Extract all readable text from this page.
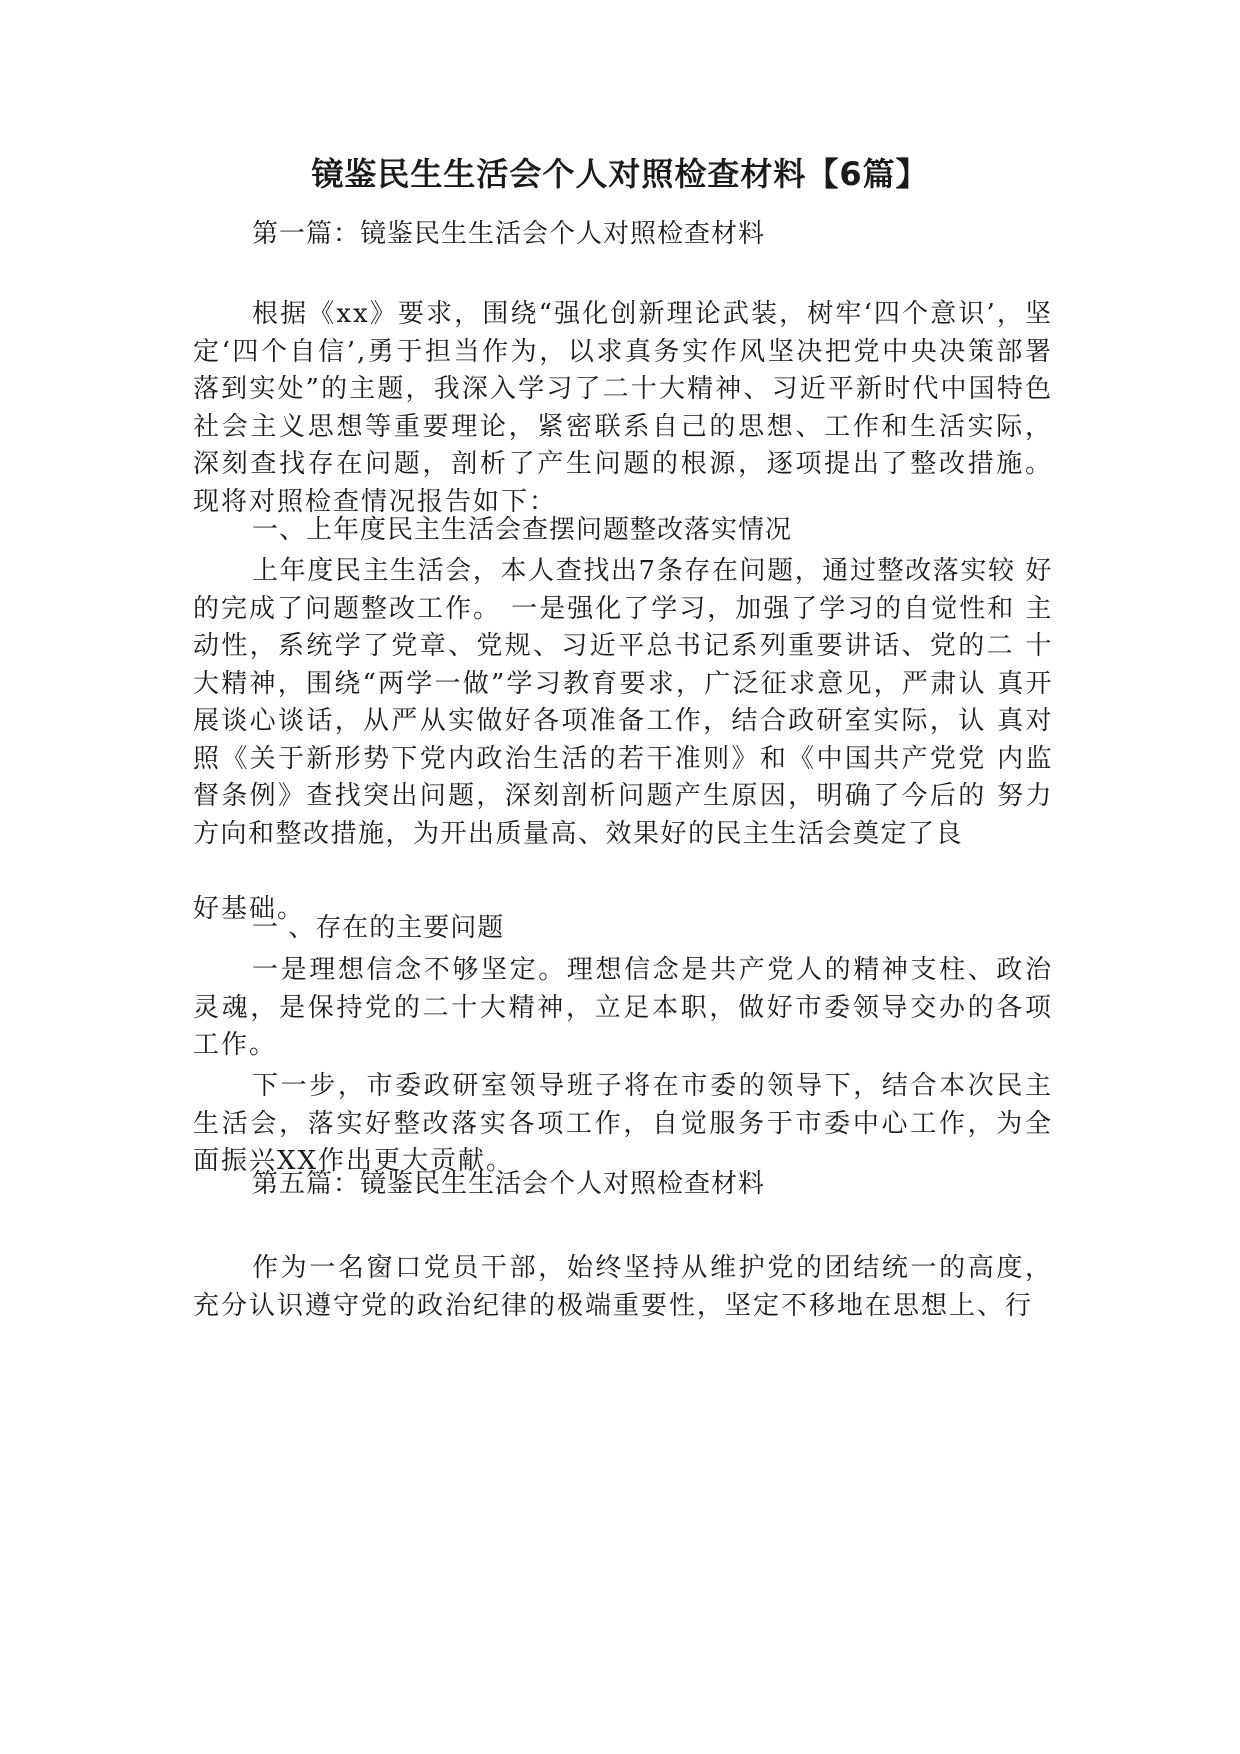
镜鉴民生生活会个人对照检查材料【6篇】

第一篇：镜鉴民生生活会个人对照检查材料

根据《xx》要求，围绕“强化创新理论武装，树牢‘四个意识’，坚定‘四个自信’,勇于担当作为，以求真务实作风坚决把党中央决策部署落到实处”的主题，我深入学习了二十大精神、习近平新时代中国特色社会主义思想等重要理论，紧密联系自己的思想、工作和生活实际，深刻查找存在问题，剖析了产生问题的根源，逐项提出了整改措施。现将对照检查情况报告如下：

一、上年度民主生活会查摆问题整改落实情况

上年度民主生活会，本人查找出7条存在问题，通过整改落实较 好的完成了问题整改工作。 一是强化了学习，加强了学习的自觉性和 主动性，系统学了党章、党规、习近平总书记系列重要讲话、党的二 十大精神，围绕“两学一做”学习教育要求，广泛征求意见，严肃认 真开展谈心谈话，从严从实做好各项准备工作，结合政研室实际，认 真对照《关于新形势下党内政治生活的若干准则》和《中国共产党党 内监督条例》查找突出问题，深刻剖析问题产生原因，明确了今后的 努力方向和整改措施，为开出质量高、效果好的民主生活会奠定了良

好基础。

一 、存在的主要问题

一是理想信念不够坚定。理想信念是共产党人的精神支柱、政治灵魂，是保持党的二十大精神，立足本职，做好市委领导交办的各项工作。

下一步，市委政研室领导班子将在市委的领导下，结合本次民主生活会，落实好整改落实各项工作，自觉服务于市委中心工作，为全面振兴XX作出更大贡献。

第五篇：镜鉴民生生活会个人对照检查材料

作为一名窗口党员干部，始终坚持从维护党的团结统一的高度，充分认识遵守党的政治纪律的极端重要性，坚定不移地在思想上、行
